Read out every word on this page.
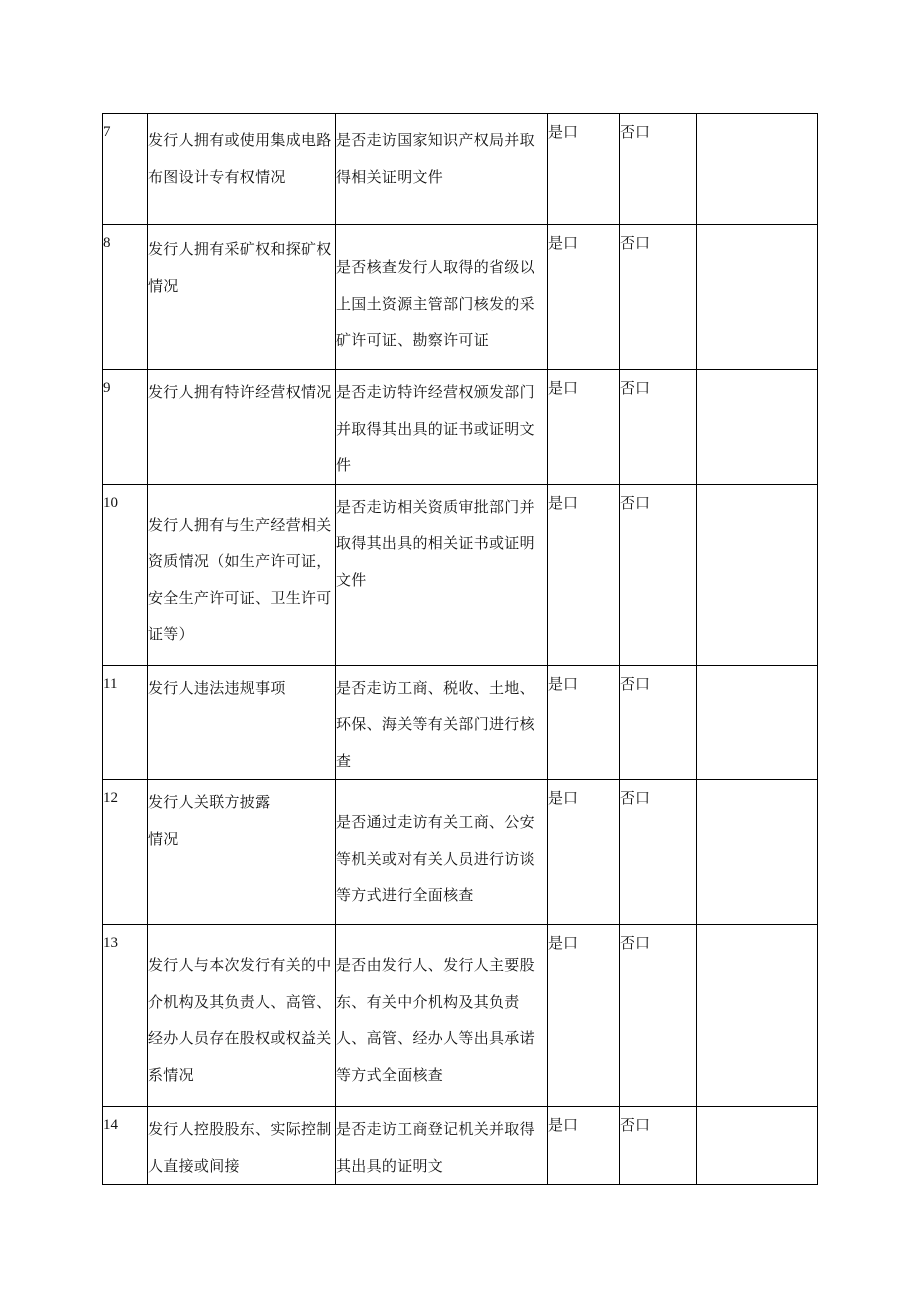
7	发行人拥有或使用集成电路布图设计专有权情况	是否走访国家知识产权局并取得相关证明文件	是口	否口	
8	发行人拥有采矿权和探矿权情况	是否核查发行人取得的省级以上国土资源主管部门核发的采矿许可证、勘察许可证	是口	否口	
9	发行人拥有特许经营权情况	是否走访特许经营权颁发部门并取得其出具的证书或证明文件	是口	否口	
10	发行人拥有与生产经营相关资质情况（如生产许可证，安全生产许可证、卫生许可证等）	是否走访相关资质审批部门并取得其出具的相关证书或证明文件	是口	否口	
11	发行人违法违规事项	是否走访工商、税收、土地、环保、海关等有关部门进行核查	是口	否口	
12	发行人关联方披露情况	是否通过走访有关工商、公安等机关或对有关人员进行访谈等方式进行全面核查	是口	否口	
13	发行人与本次发行有关的中介机构及其负责人、高管、经办人员存在股权或权益关系情况	是否由发行人、发行人主要股东、有关中介机构及其负责人、高管、经办人等出具承诺等方式全面核查	是口	否口	
14	发行人控股股东、实际控制人直接或间接	是否走访工商登记机关并取得其出具的证明文	是口	否口	
